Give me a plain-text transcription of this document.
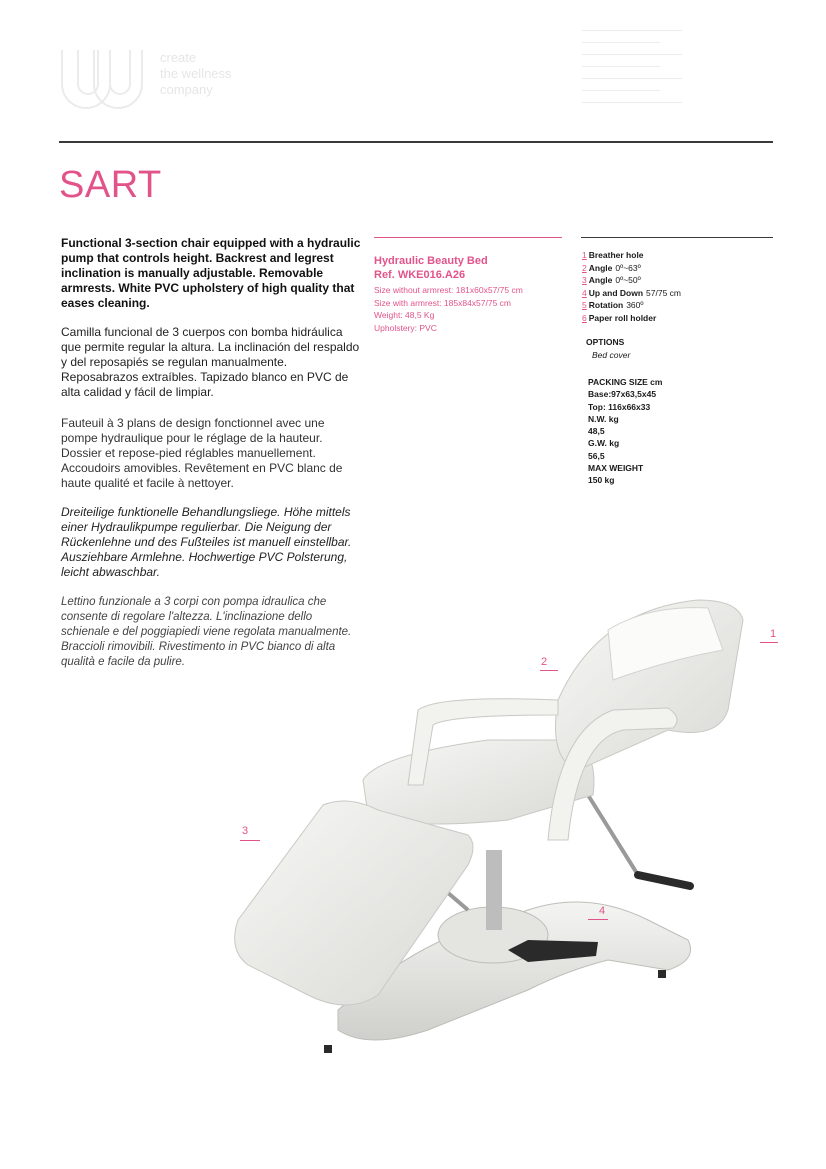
create
the wellness
company
SART

Functional 3-section chair equipped with a hydraulic pump that controls height. Backrest and legrest inclination is manually adjustable. Removable armrests. White PVC upholstery of high quality that eases cleaning.

Camilla funcional de 3 cuerpos con bomba hidráulica que permite regular la altura. La inclinación del respaldo y del reposapiés se regulan manualmente. Reposabrazos extraíbles. Tapizado blanco en PVC de alta calidad y fácil de limpiar.

Fauteuil à 3 plans de design fonctionnel avec une pompe hydraulique pour le réglage de la hauteur. Dossier et repose-pied réglables manuellement. Accoudoirs amovibles. Revêtement en PVC blanc de haute qualité et facile à nettoyer.

Dreiteilige funktionelle Behandlungsliege. Höhe mittels einer Hydraulikpumpe regulierbar. Die Neigung der Rückenlehne und des Fußteiles ist manuell einstellbar. Ausziehbare Armlehne. Hochwertige PVC Polsterung, leicht abwaschbar.

Lettino funzionale a 3 corpi con pompa idraulica che consente di regolare l'altezza. L'inclinazione dello schienale e del poggiapiedi viene regolata manualmente. Braccioli rimovibili. Rivestimento in PVC bianco di alta qualità e facile da pulire.

Hydraulic Beauty Bed
Ref. WKE016.A26
Size without armrest: 181x60x57/75 cm
Size with armrest: 185x84x57/75 cm
Weight: 48,5 Kg
Upholstery: PVC
1 Breather hole
2 Angle 0º~63º
3 Angle 0º~50º
4 Up and Down 57/75 cm
5 Rotation 360º
6 Paper roll holder
OPTIONS
Bed cover
PACKING SIZE cm
Base:97x63,5x45
Top: 116x66x33
N.W. kg
48,5
G.W. kg
56,5
MAX WEIGHT
150 kg
1
2
3
4
